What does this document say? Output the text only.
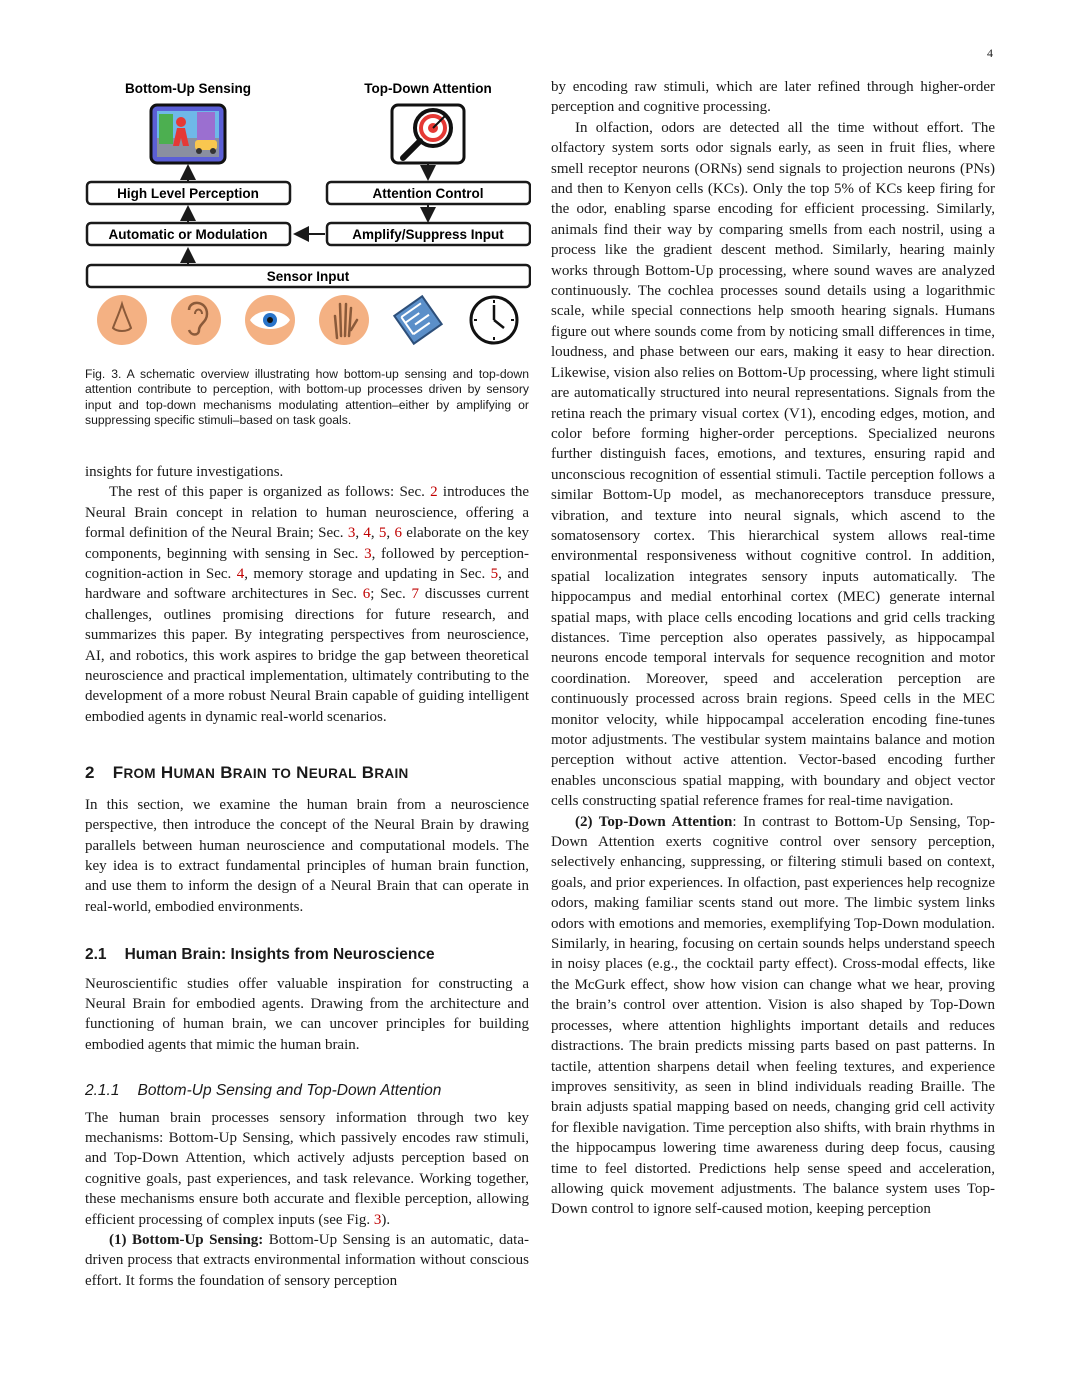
4
Bottom-Up Sensing	Top-Down Attention
High Level Perception	Attention Control
Automatic or Modulation	Amplify/Suppress Input
Sensor Input
Fig. 3. A schematic overview illustrating how bottom-up sensing and top-down attention contribute to perception, with bottom-up processes driven by sensory input and top-down mechanisms modulating attention–either by amplifying or suppressing specific stimuli–based on task goals.

insights for future investigations.

The rest of this paper is organized as follows: Sec. 2 introduces the Neural Brain concept in relation to human neuroscience, offering a formal definition of the Neural Brain; Sec. 3, 4, 5, 6 elaborate on the key components, beginning with sensing in Sec. 3, followed by perception-cognition-action in Sec. 4, memory storage and updating in Sec. 5, and hardware and software architectures in Sec. 6; Sec. 7 discusses current challenges, outlines promising directions for future research, and summarizes this paper. By integrating perspectives from neuroscience, AI, and robotics, this work aspires to bridge the gap between theoretical neuroscience and practical implementation, ultimately contributing to the development of a more robust Neural Brain capable of guiding intelligent embodied agents in dynamic real-world scenarios.

2 FROM HUMAN BRAIN TO NEURAL BRAIN

In this section, we examine the human brain from a neuroscience perspective, then introduce the concept of the Neural Brain by drawing parallels between human neuroscience and computational models. The key idea is to extract fundamental principles of human brain function, and use them to inform the design of a Neural Brain that can operate in real-world, embodied environments.

2.1 Human Brain: Insights from Neuroscience

Neuroscientific studies offer valuable inspiration for constructing a Neural Brain for embodied agents. Drawing from the architecture and functioning of human brain, we can uncover principles for building embodied agents that mimic the human brain.

2.1.1 Bottom-Up Sensing and Top-Down Attention

The human brain processes sensory information through two key mechanisms: Bottom-Up Sensing, which passively encodes raw stimuli, and Top-Down Attention, which actively adjusts perception based on cognitive goals, past experiences, and task relevance. Working together, these mechanisms ensure both accurate and flexible perception, allowing efficient processing of complex inputs (see Fig. 3).

(1) Bottom-Up Sensing: Bottom-Up Sensing is an automatic, data-driven process that extracts environmental information without conscious effort. It forms the foundation of sensory perception

by encoding raw stimuli, which are later refined through higher-order perception and cognitive processing.

In olfaction, odors are detected all the time without effort. The olfactory system sorts odor signals early, as seen in fruit flies, where smell receptor neurons (ORNs) send signals to projection neurons (PNs) and then to Kenyon cells (KCs). Only the top 5% of KCs keep firing for the odor, enabling sparse encoding for efficient processing. Similarly, animals find their way by comparing smells from each nostril, using a process like the gradient descent method. Similarly, hearing mainly works through Bottom-Up processing, where sound waves are analyzed continuously. The cochlea processes sound details using a logarithmic scale, while special connections help smooth hearing signals. Humans figure out where sounds come from by noticing small differences in time, loudness, and phase between our ears, making it easy to hear direction. Likewise, vision also relies on Bottom-Up processing, where light stimuli are automatically structured into neural representations. Signals from the retina reach the primary visual cortex (V1), encoding edges, motion, and color before forming higher-order perceptions. Specialized neurons further distinguish faces, emotions, and textures, ensuring rapid and unconscious recognition of essential stimuli. Tactile perception follows a similar Bottom-Up model, as mechanoreceptors transduce pressure, vibration, and texture into neural signals, which ascend to the somatosensory cortex. This hierarchical system allows real-time environmental responsiveness without cognitive control. In addition, spatial localization integrates sensory inputs automatically. The hippocampus and medial entorhinal cortex (MEC) generate internal spatial maps, with place cells encoding locations and grid cells tracking distances. Time perception also operates passively, as hippocampal neurons encode temporal intervals for sequence recognition and motor coordination. Moreover, speed and acceleration perception are continuously processed across brain regions. Speed cells in the MEC monitor velocity, while hippocampal acceleration encoding fine-tunes motor adjustments. The vestibular system maintains balance and motion perception without active attention. Vector-based encoding further enables unconscious spatial mapping, with boundary and object vector cells constructing spatial reference frames for real-time navigation.

(2) Top-Down Attention: In contrast to Bottom-Up Sensing, Top-Down Attention exerts cognitive control over sensory perception, selectively enhancing, suppressing, or filtering stimuli based on context, goals, and prior experiences. In olfaction, past experiences help recognize odors, making familiar scents stand out more. The limbic system links odors with emotions and memories, exemplifying Top-Down modulation. Similarly, in hearing, focusing on certain sounds helps understand speech in noisy places (e.g., the cocktail party effect). Cross-modal effects, like the McGurk effect, show how vision can change what we hear, proving the brain’s control over attention. Vision is also shaped by Top-Down processes, where attention highlights important details and reduces distractions. The brain predicts missing parts based on past patterns. In tactile, attention sharpens detail when feeling textures, and experience improves sensitivity, as seen in blind individuals reading Braille. The brain adjusts spatial mapping based on needs, changing grid cell activity for flexible navigation. Time perception also shifts, with brain rhythms in the hippocampus lowering time awareness during deep focus, causing time to feel distorted. Predictions help sense speed and acceleration, allowing quick movement adjustments. The balance system uses Top-Down control to ignore self-caused motion, keeping perception
